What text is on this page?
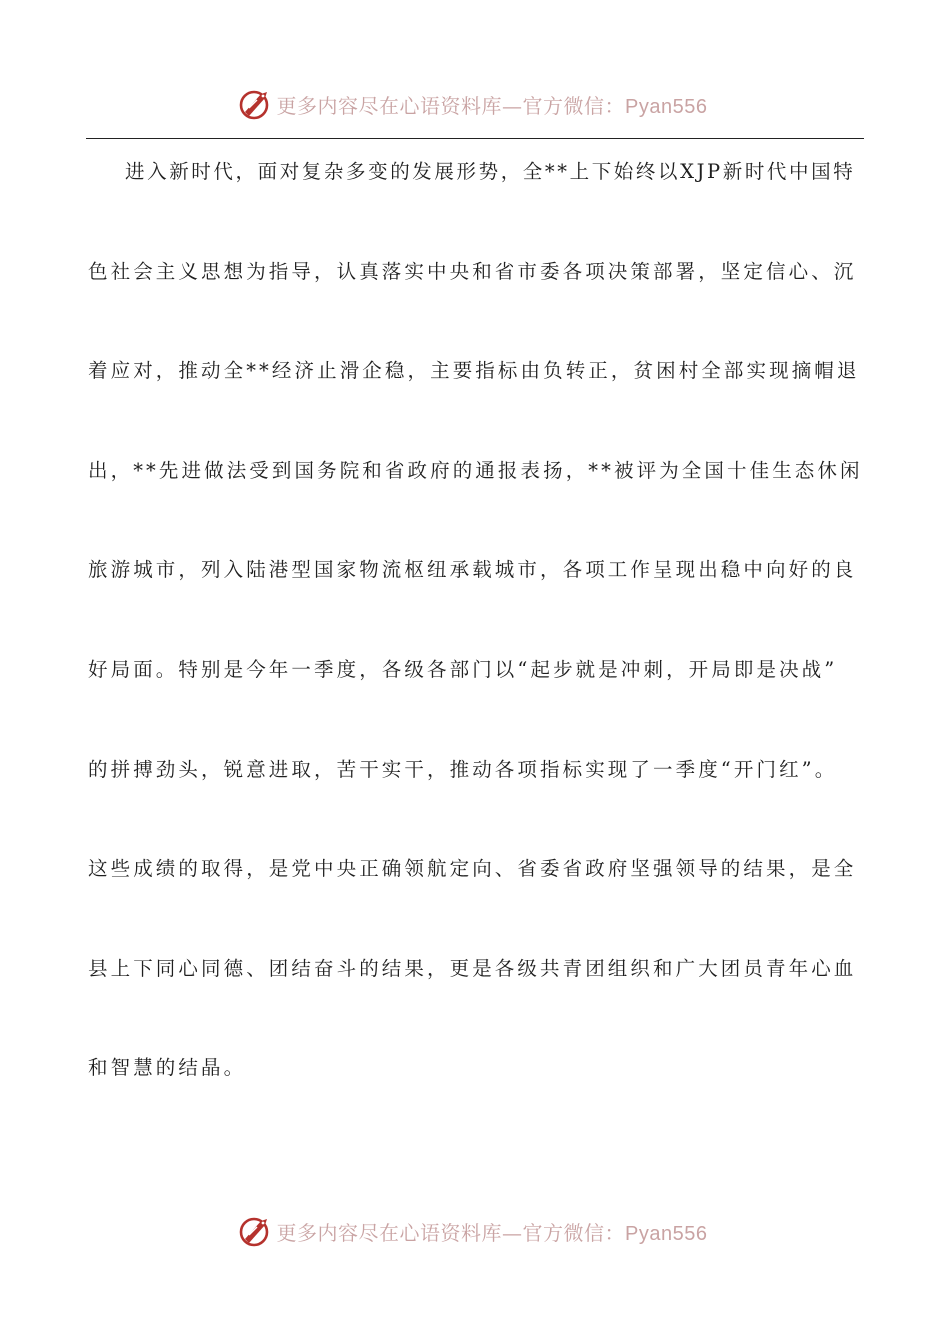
更多内容尽在心语资料库—官方微信：Pyan556
进入新时代，面对复杂多变的发展形势，全**上下始终以XJP新时代中国特
色社会主义思想为指导，认真落实中央和省市委各项决策部署，坚定信心、沉
着应对，推动全**经济止滑企稳，主要指标由负转正，贫困村全部实现摘帽退
出，**先进做法受到国务院和省政府的通报表扬，**被评为全国十佳生态休闲
旅游城市，列入陆港型国家物流枢纽承载城市，各项工作呈现出稳中向好的良
好局面。特别是今年一季度，各级各部门以“起步就是冲刺，开局即是决战”
的拼搏劲头，锐意进取，苦干实干，推动各项指标实现了一季度“开门红”。
这些成绩的取得，是党中央正确领航定向、省委省政府坚强领导的结果，是全
县上下同心同德、团结奋斗的结果，更是各级共青团组织和广大团员青年心血
和智慧的结晶。
更多内容尽在心语资料库—官方微信：Pyan556
